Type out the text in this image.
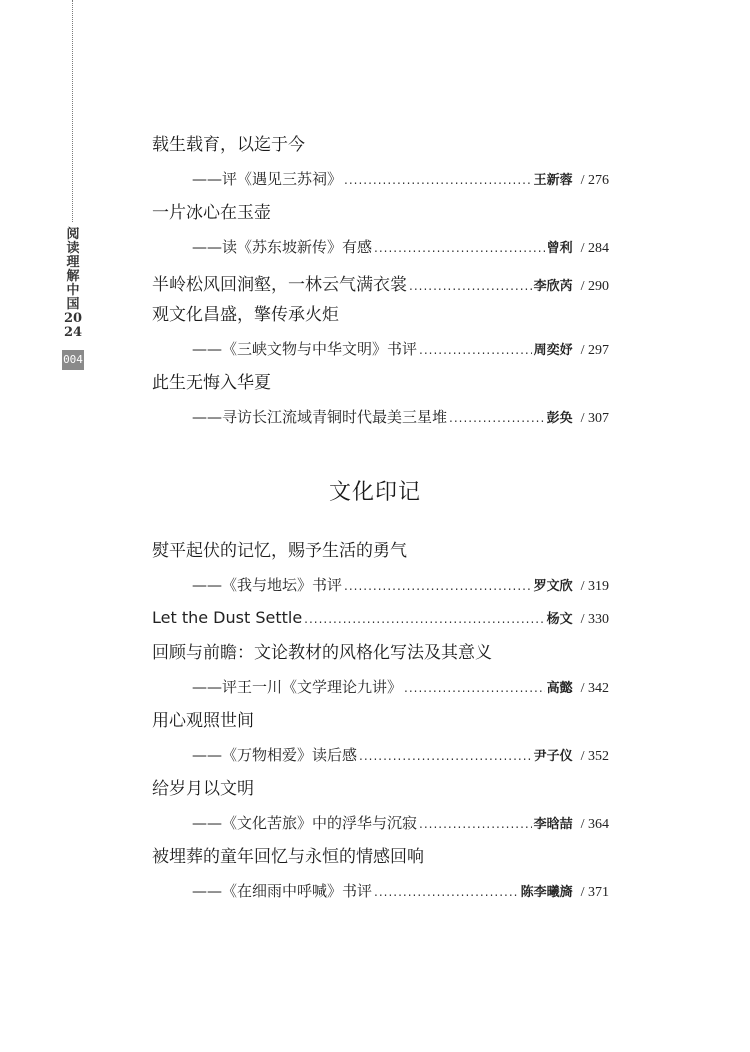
阅读理解中国2024
004
载生载育，以迄于今
——评《遇见三苏祠》 .....	王新蓉 / 276
一片冰心在玉壶
——读《苏东坡新传》有感 .....	曾利 / 284
半岭松风回涧壑，一林云气满衣裳 .....	李欣芮 / 290
观文化昌盛，擎传承火炬
——《三峡文物与中华文明》书评 .....	周奕妤 / 297
此生无悔入华夏
——寻访长江流域青铜时代最美三星堆 .....	彭奂 / 307
文化印记
熨平起伏的记忆，赐予生活的勇气
——《我与地坛》书评 .....	罗文欣 / 319
Let the Dust Settle .....	杨文 / 330
回顾与前瞻：文论教材的风格化写法及其意义
——评王一川《文学理论九讲》 .....	高懿 / 342
用心观照世间
——《万物相爱》读后感 .....	尹子仪 / 352
给岁月以文明
——《文化苦旅》中的浮华与沉寂 .....	李晗喆 / 364
被埋葬的童年回忆与永恒的情感回响
——《在细雨中呼喊》书评 .....	陈李曦旖 / 371
